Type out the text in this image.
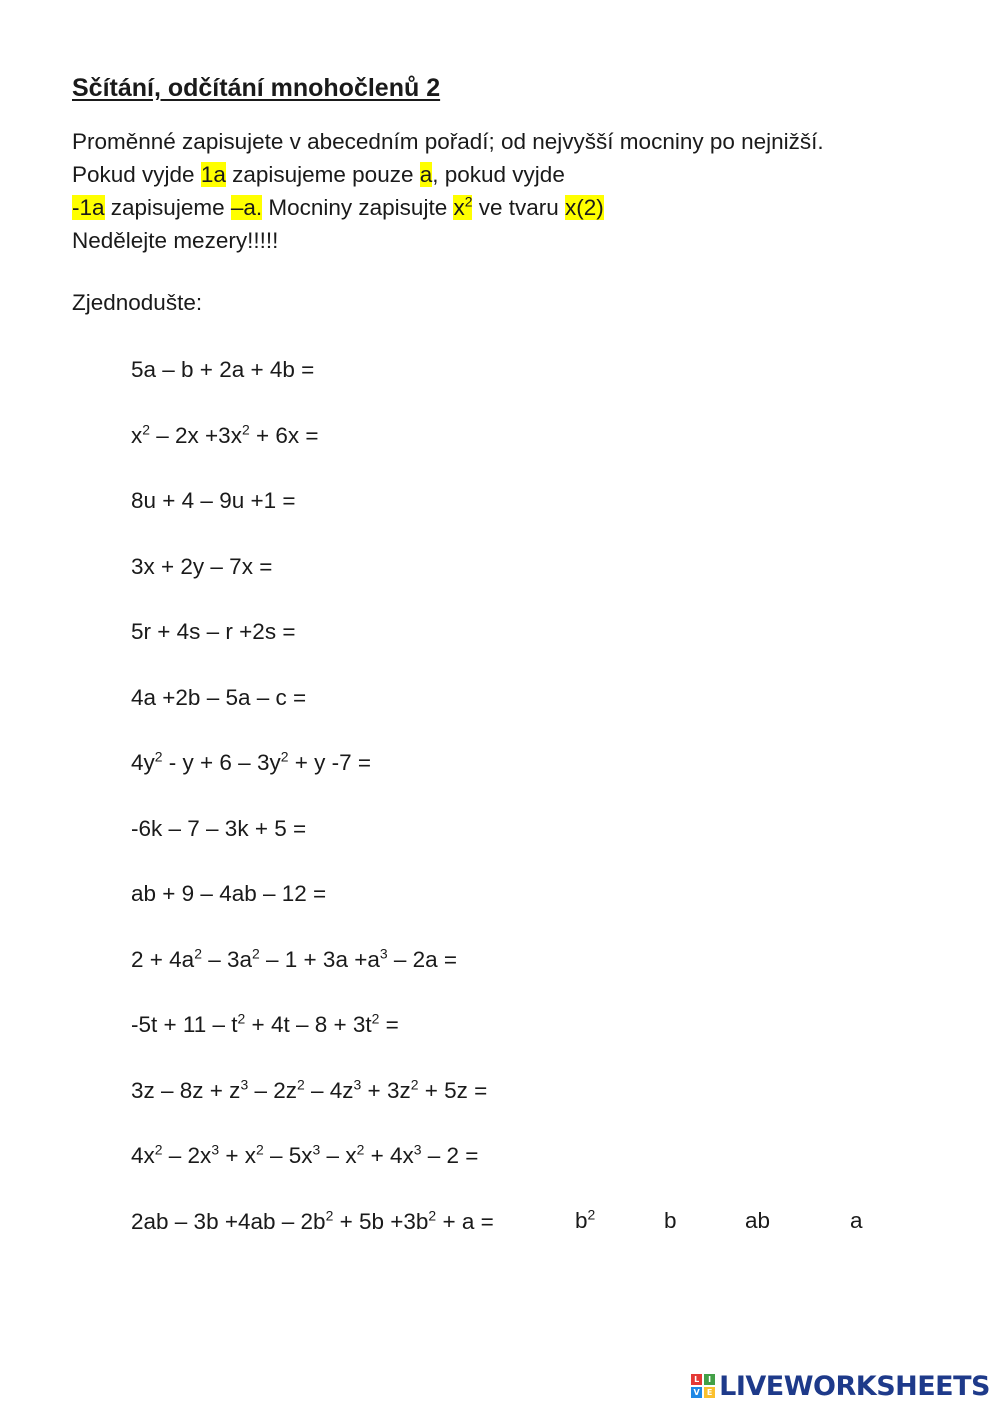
Sčítání, odčítání mnohočlenů 2
Proměnné zapisujete v abecedním pořadí; od nejvyšší mocniny po nejnižší.
Pokud vyjde 1a zapisujeme pouze a, pokud vyjde
-1a zapisujeme –a. Mocniny zapisujte $x^2$ ve tvaru x(2)
Nedělejte mezery!!!!!
Zjednodušte:
5a – b + 2a + 4b =
$x^2 - 2x +3x^2 + 6x$ =
8u + 4 – 9u +1 =
3x + 2y – 7x =
5r + 4s – r +2s =
4a +2b – 5a – c =
$4y^2 - y + 6 - 3y^2 + y$ -7 =
-6k – 7 – 3k + 5 =
ab + 9 – 4ab – 12 =
$2 + 4a^2 - 3a^2 - 1 + 3a +a^3 - 2a$ =
$-5t + 11 - t^2 + 4t - 8 + 3t^2$ =
$3z - 8z + z^3 - 2z^2 - 4z^3 + 3z^2 + 5z$ =
$4x^2 - 2x^3 + x^2 - 5x^3 - x^2 + 4x^3 - 2$ =
$2ab - 3b +4ab - 2b^2 + 5b +3b^2 + a$ =	$b^2$	b	ab	a
L	I
V E LIVEWORKSHEETS
